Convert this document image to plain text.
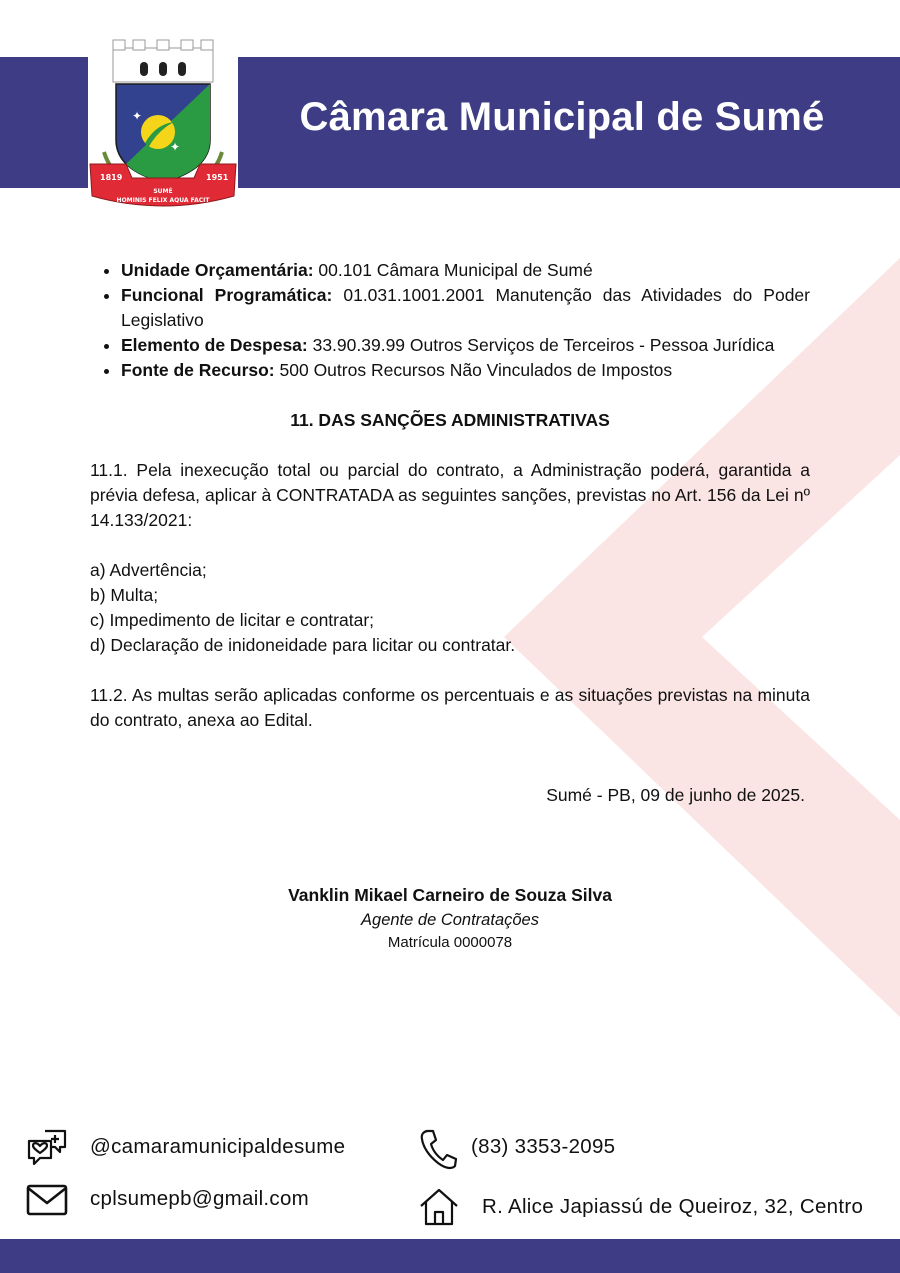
✦
✦
1819	1951
SUMÉ
HOMINIS FELIX AQUA FACIT
Câmara Municipal de Sumé
• Unidade Orçamentária: 00.101 Câmara Municipal de Sumé
• Funcional Programática: 01.031.1001.2001 Manutenção das Atividades do Poder Legislativo
• Elemento de Despesa: 33.90.39.99 Outros Serviços de Terceiros - Pessoa Jurídica
• Fonte de Recurso: 500 Outros Recursos Não Vinculados de Impostos
11. DAS SANÇÕES ADMINISTRATIVAS
11.1. Pela inexecução total ou parcial do contrato, a Administração poderá, garantida a prévia defesa, aplicar à CONTRATADA as seguintes sanções, previstas no Art. 156 da Lei nº 14.133/2021:
a) Advertência;
b) Multa;
c) Impedimento de licitar e contratar;
d) Declaração de inidoneidade para licitar ou contratar.
11.2. As multas serão aplicadas conforme os percentuais e as situações previstas na minuta do contrato, anexa ao Edital.
Sumé - PB, 09 de junho de 2025.
Vanklin Mikael Carneiro de Souza Silva
Agente de Contratações
Matrícula 0000078
@camaramunicipaldesume	(83) 3353-2095
cplsumepb@gmail.com	R. Alice Japiassú de Queiroz, 32, Centro
